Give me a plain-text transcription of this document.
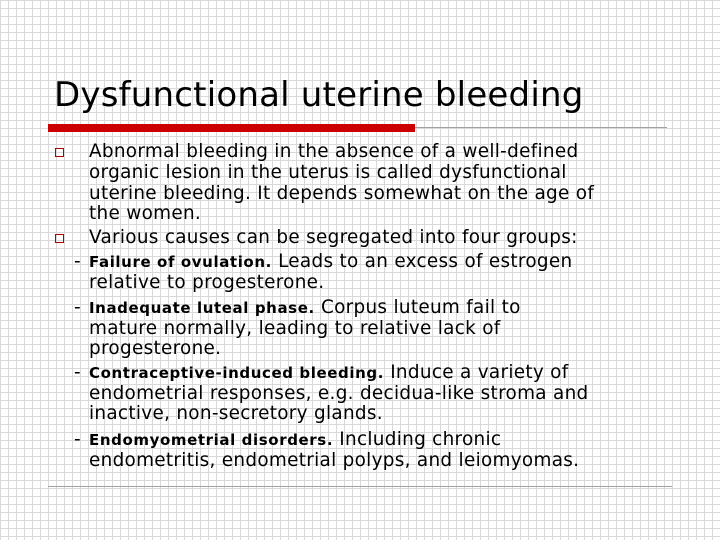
Dysfunctional uterine bleeding
Abnormal bleeding in the absence of a well-defined
organic lesion in the uterus is called dysfunctional
uterine bleeding. It depends somewhat on the age of
the women.
Various causes can be segregated into four groups:
- Failure of ovulation. Leads to an excess of estrogen
relative to progesterone.
- Inadequate luteal phase. Corpus luteum fail to
mature normally, leading to relative lack of
progesterone.
- Contraceptive-induced bleeding. Induce a variety of
endometrial responses, e.g. decidua-like stroma and
inactive, non-secretory glands.
- Endomyometrial disorders. Including chronic
endometritis, endometrial polyps, and leiomyomas.
